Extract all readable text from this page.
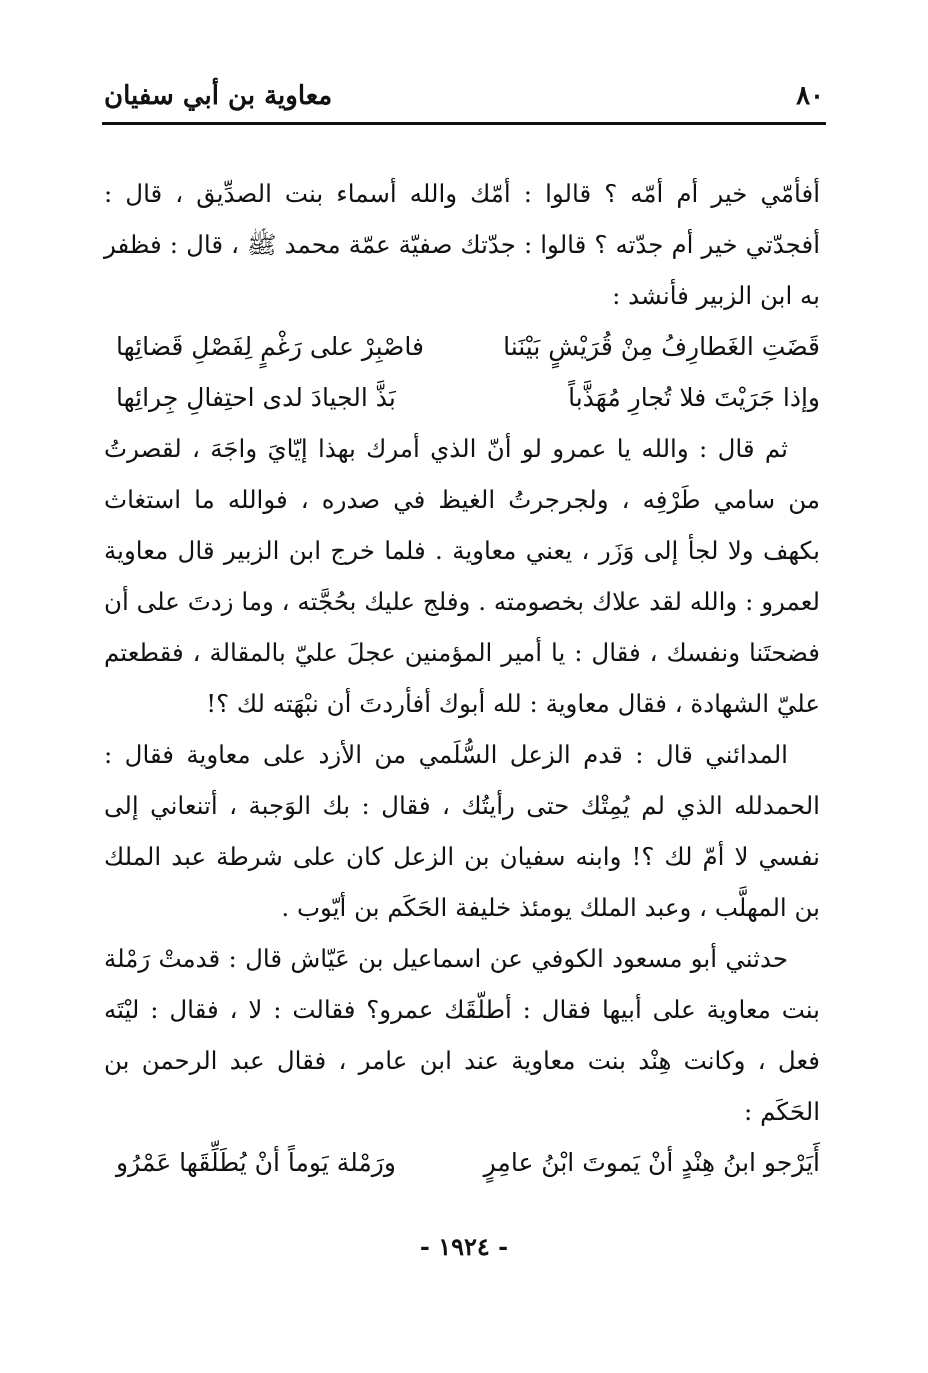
٨٠
معاوية بن أبي سفيان

أفأمّي خير أم أمّه ؟ قالوا : أمّك والله أسماء بنت الصدِّيق ، قال : أفجدّتي خير أم جدّته ؟ قالوا : جدّتك صفيّة عمّة محمد ﷺ ، قال : فظفر به ابن الزبير فأنشد :

قَضَتِ الغَطارِفُ مِنْ قُرَيْشٍ بَيْنَنا
فاصْبِرْ على رَغْمٍ لِفَصْلِ قَضائِها
وإذا جَرَيْتَ فلا تُجارِ مُهَذَّباً
بَذَّ الجيادَ لدى احتِفالِ جِرائِها

ثم قال : والله يا عمرو لو أنّ الذي أمرك بهذا إيّايَ واجَهَ ، لقصرتُ من سامي طَرْفِه ، ولجرجرتُ الغيظ في صدره ، فوالله ما استغاث بكهف ولا لجأ إلى وَزَر ، يعني معاوية . فلما خرج ابن الزبير قال معاوية لعمرو : والله لقد علاك بخصومته . وفلج عليك بحُجَّته ، وما زدتَ على أن فضحتَنا ونفسك ، فقال : يا أمير المؤمنين عجلَ عليّ بالمقالة ، فقطعتم عليّ الشهادة ، فقال معاوية : لله أبوك أفأردتَ أن نبْهَته لك ؟!

المدائني قال : قدم الزعل السُّلَمي من الأزد على معاوية فقال : الحمدلله الذي لم يُمِتْك حتى رأيتُك ، فقال : بك الوَجبة ، أتنعاني إلى نفسي لا أمّ لك ؟! وابنه سفيان بن الزعل كان على شرطة عبد الملك بن المهلَّب ، وعبد الملك يومئذ خليفة الحَكَم بن أيّوب .

حدثني أبو مسعود الكوفي عن اسماعيل بن عَيّاش قال : قدمتْ رَمْلة بنت معاوية على أبيها فقال : أطلّقَك عمرو؟ فقالت : لا ، فقال : ليْتَه فعل ، وكانت هِنْد بنت معاوية عند ابن عامر ، فقال عبد الرحمن بن الحَكَم :

أَيَرْجو ابنُ هِنْدٍ أنْ يَموتَ ابْنُ عامِرٍ
ورَمْلة يَوماً أنْ يُطَلِّقَها عَمْرُو
- ١٩٢٤ -
